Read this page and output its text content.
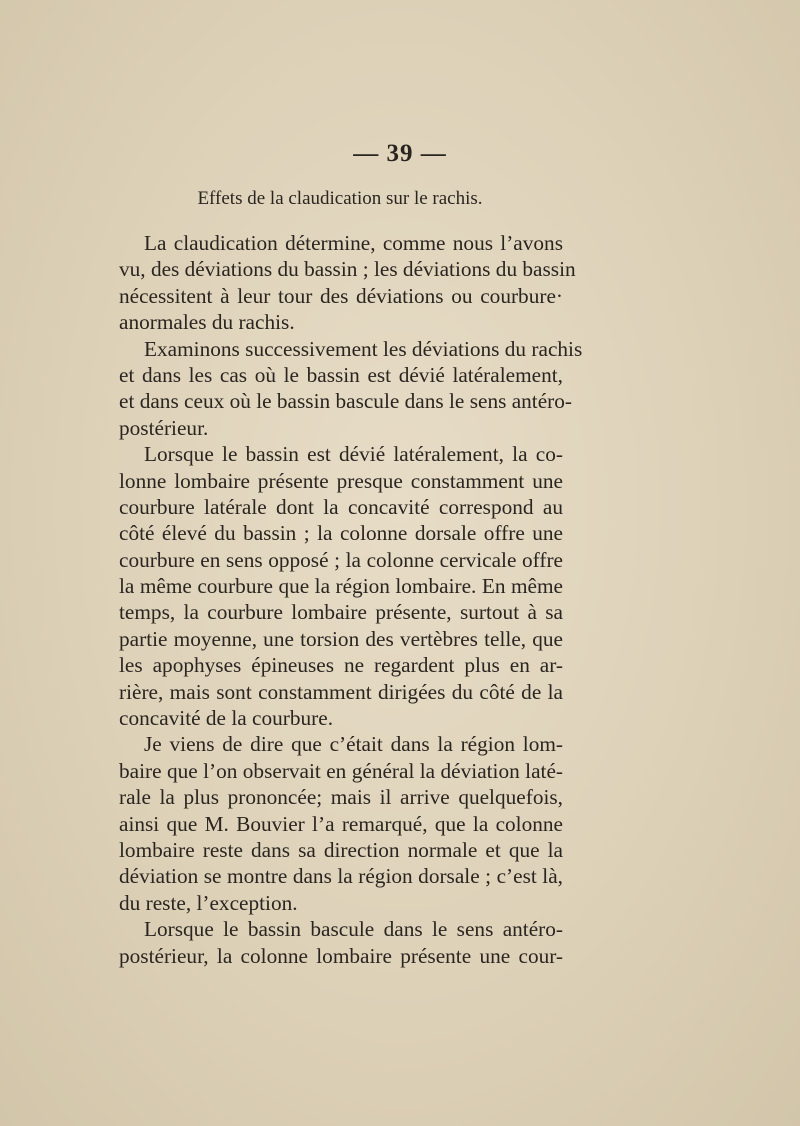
— 39 —
Effets de la claudication sur le rachis.
La claudication détermine, comme nous l’avons
vu, des déviations du bassin ; les déviations du bassin
nécessitent à leur tour des déviations ou courbure·
anormales du rachis.
Examinons successivement les déviations du rachis
et dans les cas où le bassin est dévié latéralement,
et dans ceux où le bassin bascule dans le sens antéro-
postérieur.
Lorsque le bassin est dévié latéralement, la co-
lonne lombaire présente presque constamment une
courbure latérale dont la concavité correspond au
côté élevé du bassin ; la colonne dorsale offre une
courbure en sens opposé ; la colonne cervicale offre
la même courbure que la région lombaire. En même
temps, la courbure lombaire présente, surtout à sa
partie moyenne, une torsion des vertèbres telle, que
les apophyses épineuses ne regardent plus en ar-
rière, mais sont constamment dirigées du côté de la
concavité de la courbure.
Je viens de dire que c’était dans la région lom-
baire que l’on observait en général la déviation laté-
rale la plus prononcée; mais il arrive quelquefois,
ainsi que M. Bouvier l’a remarqué, que la colonne
lombaire reste dans sa direction normale et que la
déviation se montre dans la région dorsale ; c’est là,
du reste, l’exception.
Lorsque le bassin bascule dans le sens antéro-
postérieur, la colonne lombaire présente une cour-
